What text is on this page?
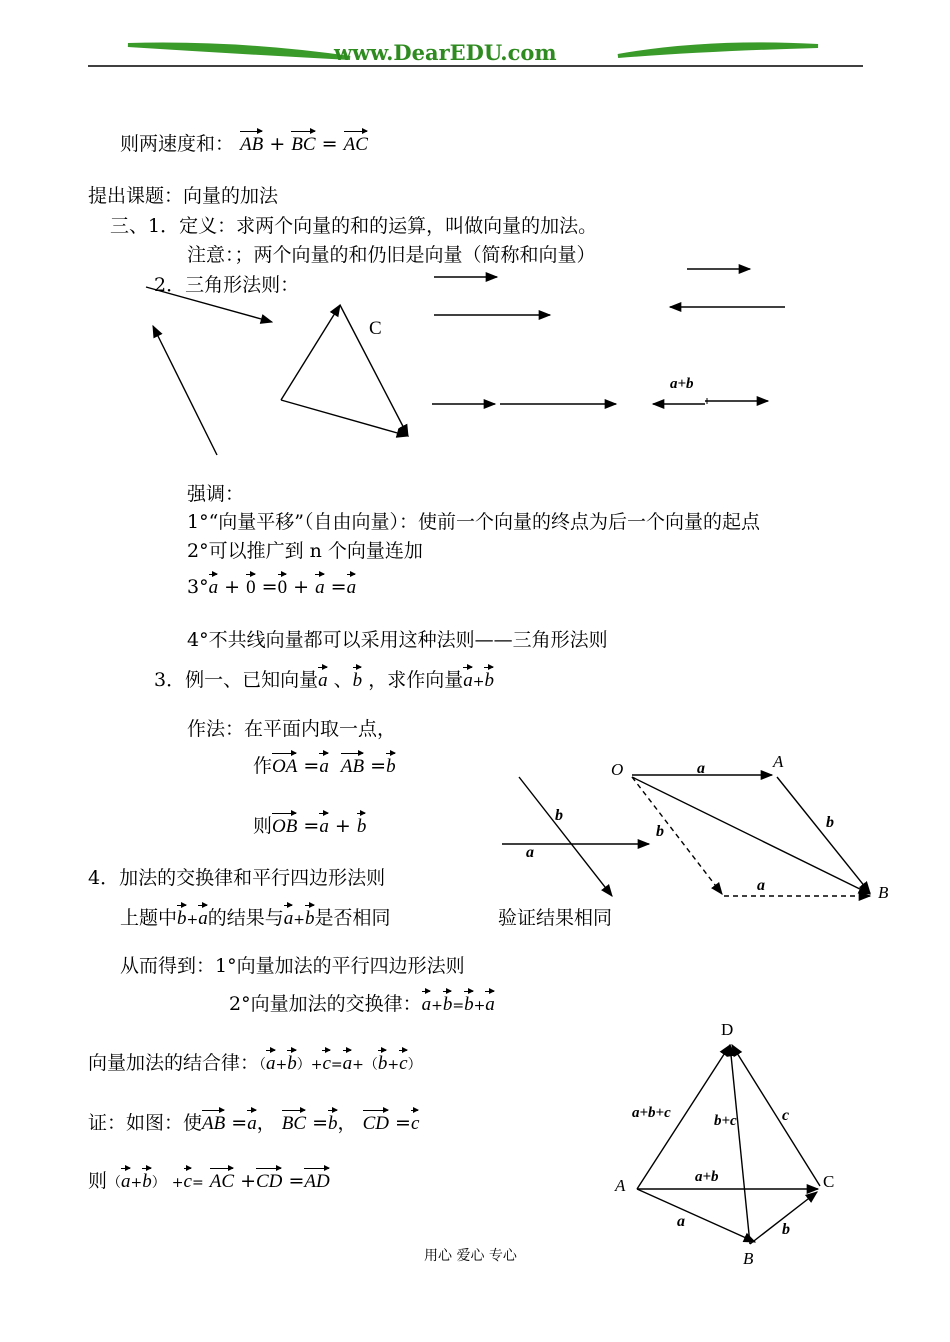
www.DearEDU.com
则两速度和： AB + BC = AC
提出课题：向量的加法
三、1．定义：求两个向量的和的运算，叫做向量的加法。
注意：；两个向量的和仍旧是向量（简称和向量）
2．三角形法则：
C
a+b
强调：
1°“向量平移”（自由向量）：使前一个向量的终点为后一个向量的起点
2°可以推广到 n 个向量连加
3°a + 0 =0 + a =a
4°不共线向量都可以采用这种法则——三角形法则
3．例一、已知向量a 、b ，求作向量a+b
作法：在平面内取一点，
作OA =a AB =b
则OB =a + b
b
a
O	A
B
a
b
b
a
4．加法的交换律和平行四边形法则
上题中b+a的结果与a+b是否相同	验证结果相同
从而得到：1°向量加法的平行四边形法则
2°向量加法的交换律：a+b=b+a
向量加法的结合律：（a+b）+c=a+（b+c）
证：如图：使AB =a， BC =b， CD =c
则（a+b） +c= AC +CD =AD
D
A
B
C
a+b+c	b+c	c
a+b
a	b
用心 爱心 专心
